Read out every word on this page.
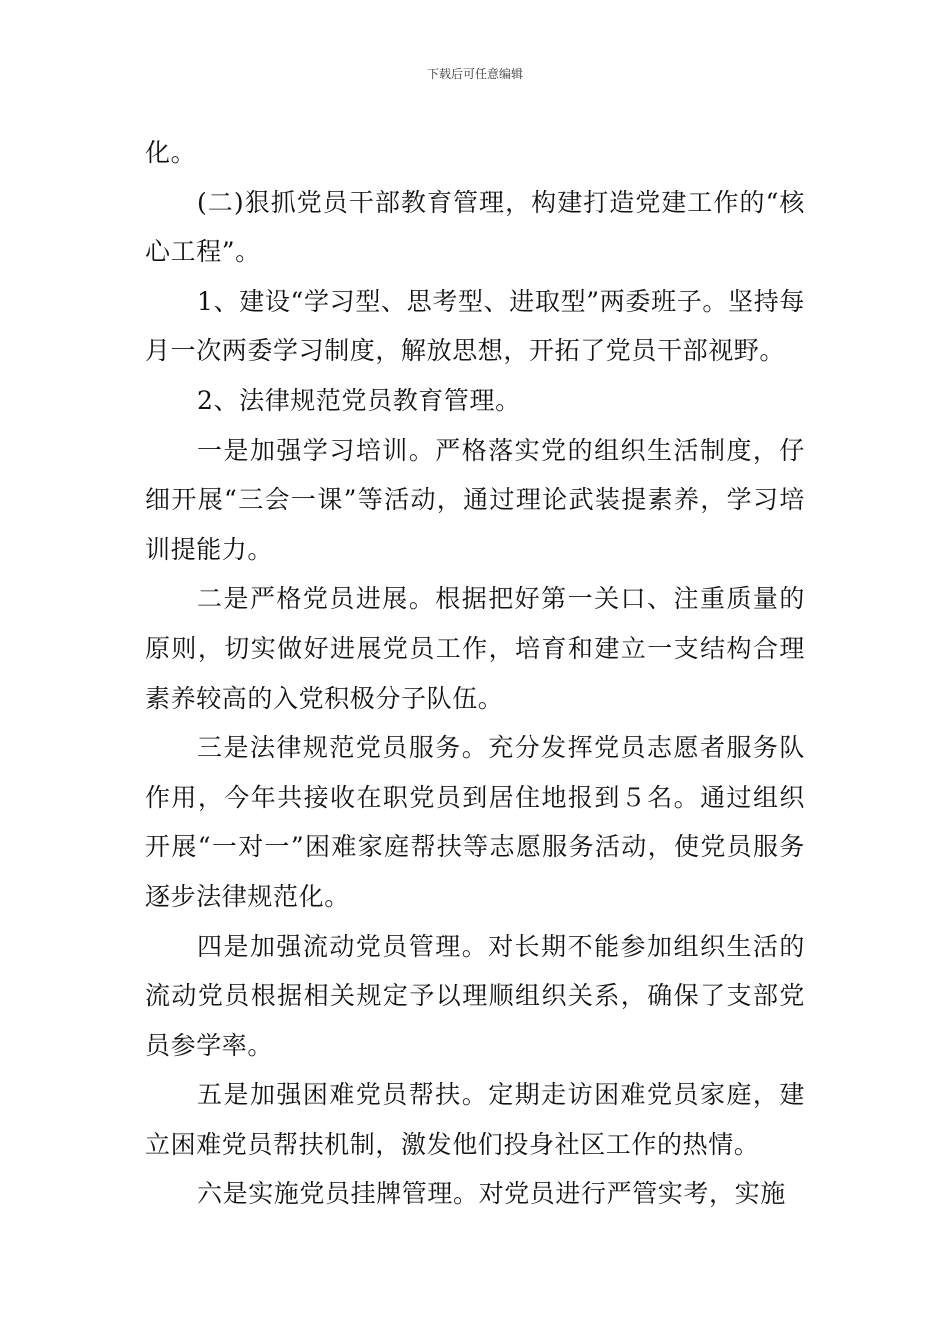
下载后可任意编辑

化。

(二)狠抓党员干部教育管理，构建打造党建工作的“核心工程”。

1、建设“学习型、思考型、进取型”两委班子。坚持每月一次两委学习制度，解放思想，开拓了党员干部视野。

2、法律规范党员教育管理。

一是加强学习培训。严格落实党的组织生活制度，仔细开展“三会一课”等活动，通过理论武装提素养，学习培训提能力。

二是严格党员进展。根据把好第一关口、注重质量的原则，切实做好进展党员工作，培育和建立一支结构合理素养较高的入党积极分子队伍。

三是法律规范党员服务。充分发挥党员志愿者服务队作用，今年共接收在职党员到居住地报到５名。通过组织开展“一对一”困难家庭帮扶等志愿服务活动，使党员服务逐步法律规范化。

四是加强流动党员管理。对长期不能参加组织生活的流动党员根据相关规定予以理顺组织关系，确保了支部党员参学率。

五是加强困难党员帮扶。定期走访困难党员家庭，建立困难党员帮扶机制，激发他们投身社区工作的热情。

六是实施党员挂牌管理。对党员进行严管实考，实施
